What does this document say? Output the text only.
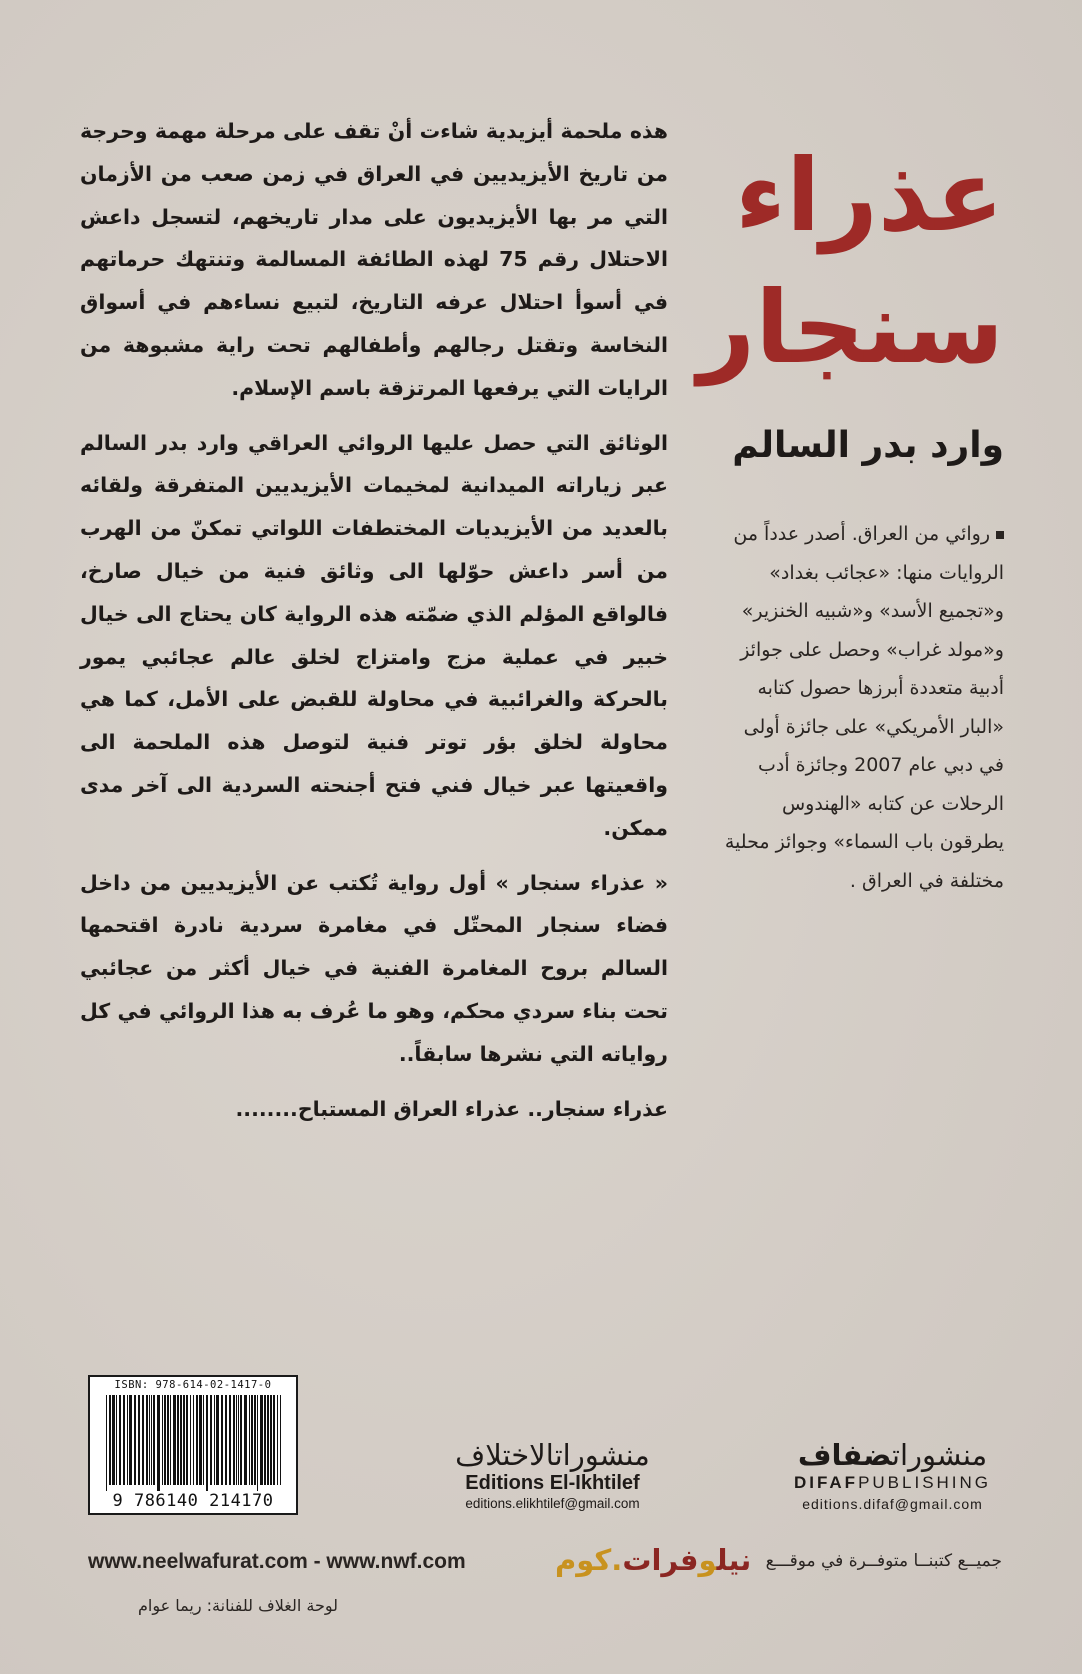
عذراء
سنجار
وارد بدر السالم
روائي من العراق. أصدر عدداً من الروايات منها: «عجائب بغداد» و«تجميع الأسد» و«شبيه الخنزير» و«مولد غراب» وحصل على جوائز أدبية متعددة أبرزها حصول كتابه «البار الأمريكي» على جائزة أولى في دبي عام 2007 وجائزة أدب الرحلات عن كتابه «الهندوس يطرقون باب السماء» وجوائز محلية مختلفة في العراق .

هذه ملحمة أيزيدية شاءت أنْ تقف على مرحلة مهمة وحرجة من تاريخ الأيزيديين في العراق في زمن صعب من الأزمان التي مر بها الأيزيديون على مدار تاريخهم، لتسجل داعش الاحتلال رقم 75 لهذه الطائفة المسالمة وتنتهك حرماتهم في أسوأ احتلال عرفه التاريخ، لتبيع نساءهم في أسواق النخاسة وتقتل رجالهم وأطفالهم تحت راية مشبوهة من الرايات التي يرفعها المرتزقة باسم الإسلام.

الوثائق التي حصل عليها الروائي العراقي وارد بدر السالم عبر زياراته الميدانية لمخيمات الأيزيديين المتفرقة ولقائه بالعديد من الأيزيديات المختطفات اللواتي تمكنّ من الهرب من أسر داعش حوّلها الى وثائق فنية من خيال صارخ، فالواقع المؤلم الذي ضمّته هذه الرواية كان يحتاج الى خيال خبير في عملية مزج وامتزاج لخلق عالم عجائبي يمور بالحركة والغرائبية في محاولة للقبض على الأمل، كما هي محاولة لخلق بؤر توتر فنية لتوصل هذه الملحمة الى واقعيتها عبر خيال فني فتح أجنحته السردية الى آخر مدى ممكن.

« عذراء سنجار » أول رواية تُكتب عن الأيزيديين من داخل فضاء سنجار المحتّل في مغامرة سردية نادرة اقتحمها السالم بروح المغامرة الفنية في خيال أكثر من عجائبي تحت بناء سردي محكم، وهو ما عُرف به هذا الروائي في كل رواياته التي نشرها سابقاً..

عذراء سنجار.. عذراء العراق المستباح........

ISBN: 978-614-02-1417-0
9 786140 214170
منشوراتالاختلاف
Editions El-Ikhtilef
editions.elikhtilef@gmail.com
منشوراتضفاف
DIFAFPUBLISHING
editions.difaf@gmail.com
www.neelwafurat.com - www.nwf.com	نيلوفرات.كوم	جميــع كتبنــا متوفــرة في موقـــع
لوحة الغلاف للفنانة: ريما عوام
